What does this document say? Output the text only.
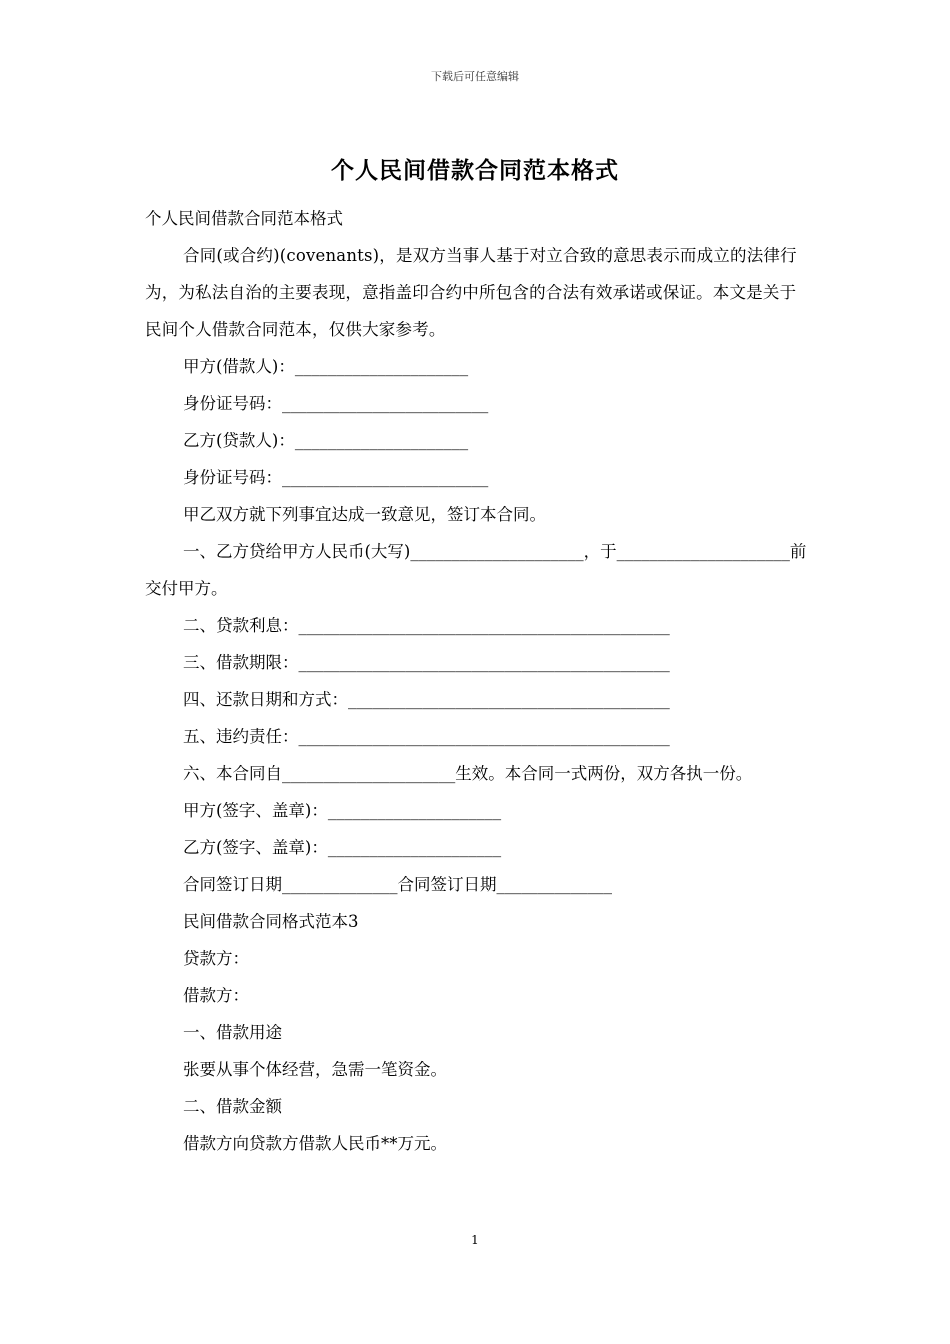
下载后可任意编辑
个人民间借款合同范本格式

个人民间借款合同范本格式

合同(或合约)(covenants)，是双方当事人基于对立合致的意思表示而成立的法律行为，为私法自治的主要表现，意指盖印合约中所包含的合法有效承诺或保证。本文是关于民间个人借款合同范本，仅供大家参考。

甲方(借款人)：_____________________

身份证号码：_________________________

乙方(贷款人)：_____________________

身份证号码：_________________________

甲乙双方就下列事宜达成一致意见，签订本合同。

一、乙方贷给甲方人民币(大写)_____________________，于_____________________前交付甲方。

二、贷款利息：_____________________________________________

三、借款期限：_____________________________________________

四、还款日期和方式：_______________________________________

五、违约责任：_____________________________________________

六、本合同自_____________________生效。本合同一式两份，双方各执一份。

甲方(签字、盖章)：_____________________

乙方(签字、盖章)：_____________________

合同签订日期______________合同签订日期______________

民间借款合同格式范本3

贷款方：

借款方：

一、借款用途

张要从事个体经营，急需一笔资金。

二、借款金额

借款方向贷款方借款人民币**万元。

1
